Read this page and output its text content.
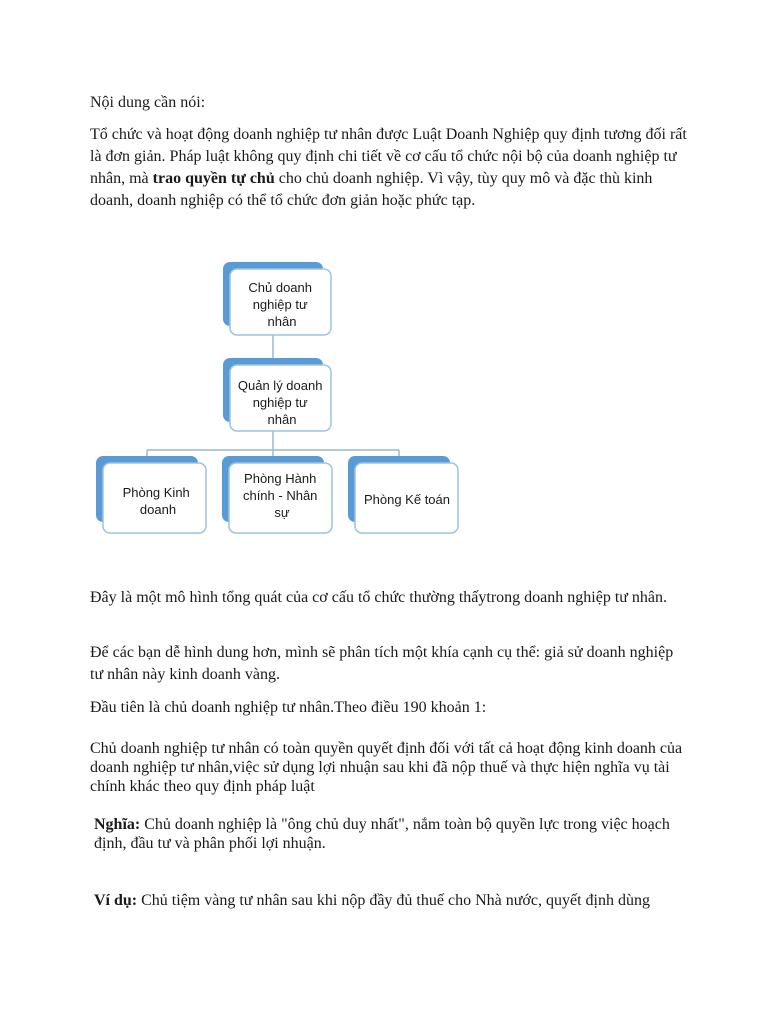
Nội dung cần nói:

Tổ chức và hoạt động doanh nghiệp tư nhân được Luật Doanh Nghiệp quy định tương đối rất là đơn giản. Pháp luật không quy định chi tiết về cơ cấu tổ chức nội bộ của doanh nghiệp tư nhân, mà trao quyền tự chủ cho chủ doanh nghiệp. Vì vậy, tùy quy mô và đặc thù kinh doanh, doanh nghiệp có thể tổ chức đơn giản hoặc phức tạp.

Chủ doanh nghiệp tư nhân
Quản lý doanh nghiệp tư nhân
Phòng Kinh doanh
Phòng Hành chính - Nhân sự
Phòng Kế toán

Đây là một mô hình tổng quát của cơ cấu tổ chức thường thấytrong doanh nghiệp tư nhân.

Để các bạn dễ hình dung hơn, mình sẽ phân tích một khía cạnh cụ thể: giả sử doanh nghiệp tư nhân này kinh doanh vàng.

Đầu tiên là chủ doanh nghiệp tư nhân.Theo điều 190 khoản 1:

Chủ doanh nghiệp tư nhân có toàn quyền quyết định đối với tất cả hoạt động kinh doanh của doanh nghiệp tư nhân,việc sử dụng lợi nhuận sau khi đã nộp thuế và thực hiện nghĩa vụ tài chính khác theo quy định pháp luật

Nghĩa: Chủ doanh nghiệp là "ông chủ duy nhất", nắm toàn bộ quyền lực trong việc hoạch định, đầu tư và phân phối lợi nhuận.

Ví dụ: Chủ tiệm vàng tư nhân sau khi nộp đầy đủ thuế cho Nhà nước, quyết định dùng
